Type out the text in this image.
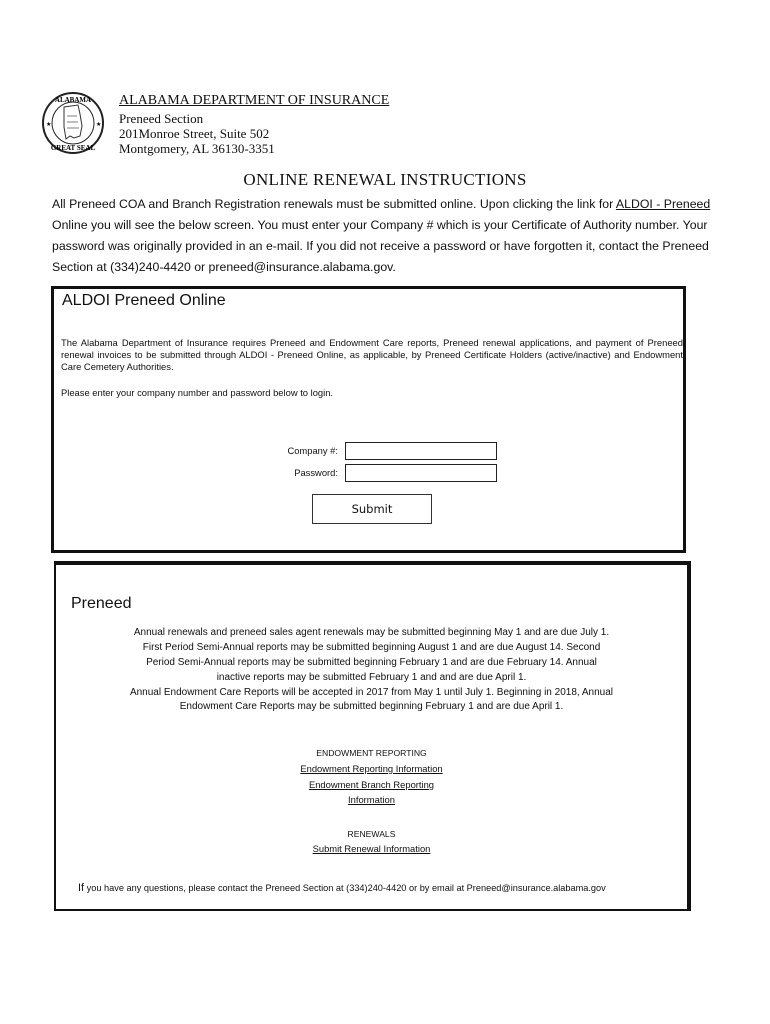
ALABAMA
GREAT SEAL
★	★
ALABAMA DEPARTMENT OF INSURANCE
Preneed Section
201Monroe Street, Suite 502
Montgomery, AL 36130-3351
ONLINE RENEWAL INSTRUCTIONS
All Preneed COA and Branch Registration renewals must be submitted online. Upon clicking the link for ALDOI - Preneed Online you will see the below screen. You must enter your Company # which is your Certificate of Authority number. Your password was originally provided in an e-mail. If you did not receive a password or have forgotten it, contact the Preneed Section at (334)240-4420 or preneed@insurance.alabama.gov.
ALDOI Preneed Online
The Alabama Department of Insurance requires Preneed and Endowment Care reports, Preneed renewal applications, and payment of Preneed renewal invoices to be submitted through ALDOI - Preneed Online, as applicable, by Preneed Certificate Holders (active/inactive) and Endowment Care Cemetery Authorities.
Please enter your company number and password below to login.
Company #:
Password:
Submit
Preneed
Annual renewals and preneed sales agent renewals may be submitted beginning May 1 and are due July 1.
First Period Semi-Annual reports may be submitted beginning August 1 and are due August 14. Second
Period Semi-Annual reports may be submitted beginning February 1 and are due February 14. Annual
inactive reports may be submitted February 1 and and are due April 1.
Annual Endowment Care Reports will be accepted in 2017 from May 1 until July 1. Beginning in 2018, Annual
Endowment Care Reports may be submitted beginning February 1 and are due April 1.
ENDOWMENT REPORTING
Endowment Reporting Information
Endowment Branch Reporting
Information
RENEWALS
Submit Renewal Information
If you have any questions, please contact the Preneed Section at (334)240-4420 or by email at Preneed@insurance.alabama.gov
